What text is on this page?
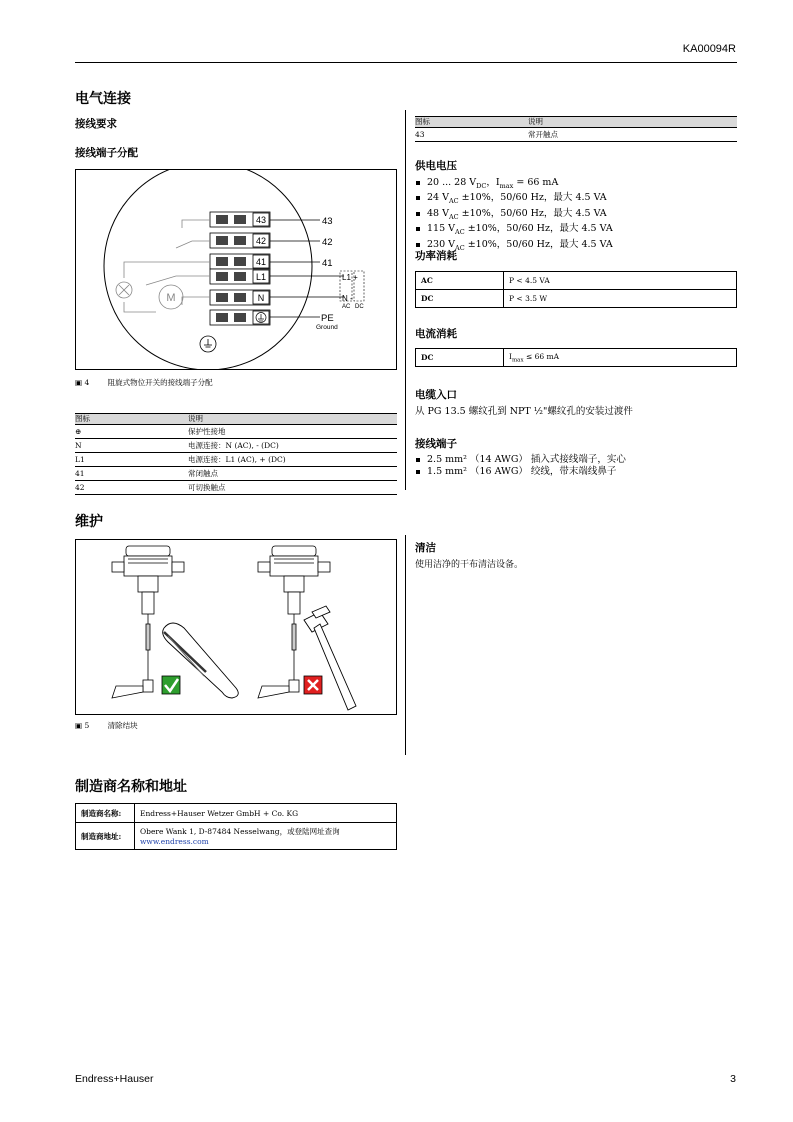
KA00094R
电气连接
接线要求
接线端子分配
43
42
41
L1
N
43
42
41
PE
Ground
L1 +
N -
AC DC
M
▣ 4 阻旋式物位开关的接线端子分配
图标	说明
⊕	保护性接地
N	电源连接：N (AC), - (DC)
L1	电源连接：L1 (AC), + (DC)
41	常闭触点
42	可切换触点
图标	说明
43	常开触点
供电电压
20 ... 28 $V_{DC}$，$I_{max} = 66$ mA
24 $V_{AC} \pm 10\%$，50/60 Hz，最大 4.5 VA
48 $V_{AC} \pm 10\%$，50/60 Hz，最大 4.5 VA
115 $V_{AC} \pm 10\%$，50/60 Hz，最大 4.5 VA
230 $V_{AC} \pm 10\%$，50/60 Hz，最大 4.5 VA
功率消耗
AC	P < 4.5 VA
DC	P < 3.5 W
电流消耗
DC	$I_{max} \le 66$ mA
电缆入口
从 PG 13.5 螺纹孔到 NPT ½"螺纹孔的安装过渡件
接线端子
2.5 mm² （14 AWG） 插入式接线端子，实心
1.5 mm² （16 AWG） 绞线，带末端线鼻子
维护
▣ 5 清除结块
清洁
使用洁净的干布清洁设备。
制造商名称和地址
制造商名称:	Endress+Hauser Wetzer GmbH + Co. KG
制造商地址:	Obere Wank 1, D-87484 Nesselwang，或登陆网址查询
www.endress.com
Endress+Hauser	3
